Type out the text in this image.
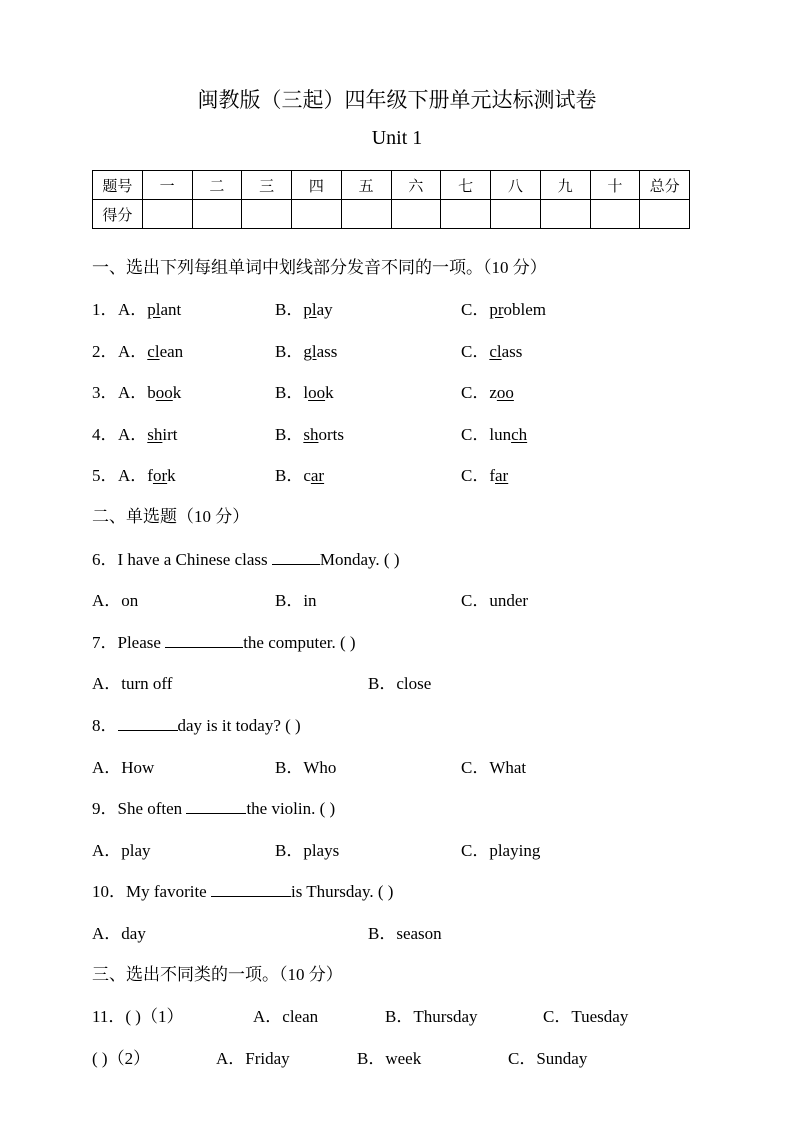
闽教版（三起）四年级下册单元达标测试卷
Unit 1
题号	一	二	三	四	五	六	七	八	九	十	总分
得分											
一、选出下列每组单词中划线部分发音不同的一项。（10 分）
1． A．plant	B．play	C．problem
2． A．clean	B．glass	C．class
3． A．book	B．look	C．zoo
4． A．shirt	B．shorts	C．lunch
5． A．fork	B．car	C．far
二、单选题（10 分）
6．I have a Chinese class	Monday. ( )
A．on	B．in	C．under
7．Please	the computer. ( )
A．turn off	B．close
8．	day is it today? ( )
A．How	B．Who	C．What
9．She often	the violin. ( )
A．play	B．plays	C．playing
10．My favorite	is Thursday. ( )
A．day	B．season
三、选出不同类的一项。（10 分）
11．( )（1）	A．clean	B．Thursday	C．Tuesday
( )（2）	A．Friday	B．week	C．Sunday
